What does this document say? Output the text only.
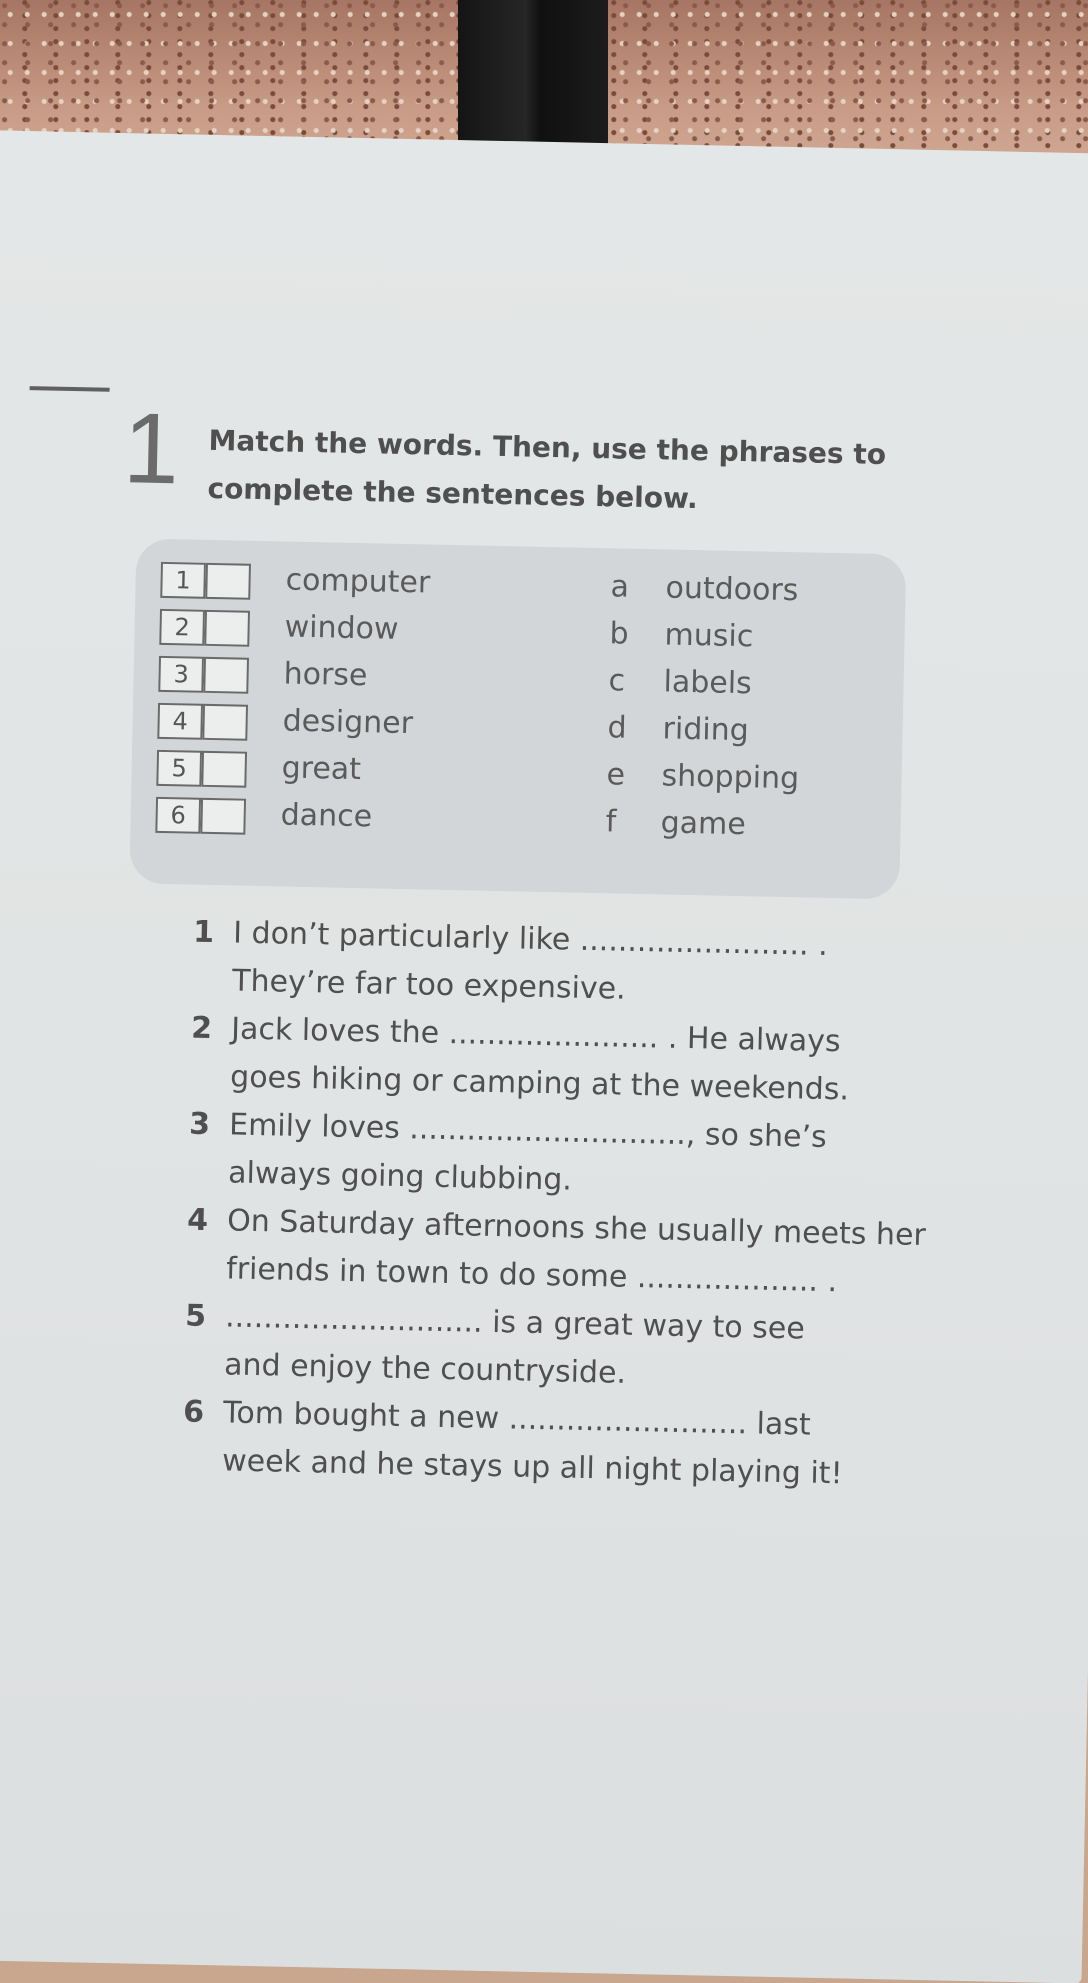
1 Match the words. Then, use the phrases to
complete the sentences below.
1	computer	a outdoors
2	window	b music
3	horse	c labels
4	designer	d riding
5	great	e shopping
6	dance	f game
1 I don’t particularly like ........................ .
They’re far too expensive.
2 Jack loves the ...................... . He always
goes hiking or camping at the weekends.
3 Emily loves ............................., so she’s
always going clubbing.
4 On Saturday afternoons she usually meets her
friends in town to do some ................... .
5 ........................... is a great way to see
and enjoy the countryside.
6 Tom bought a new ......................... last
week and he stays up all night playing it!
